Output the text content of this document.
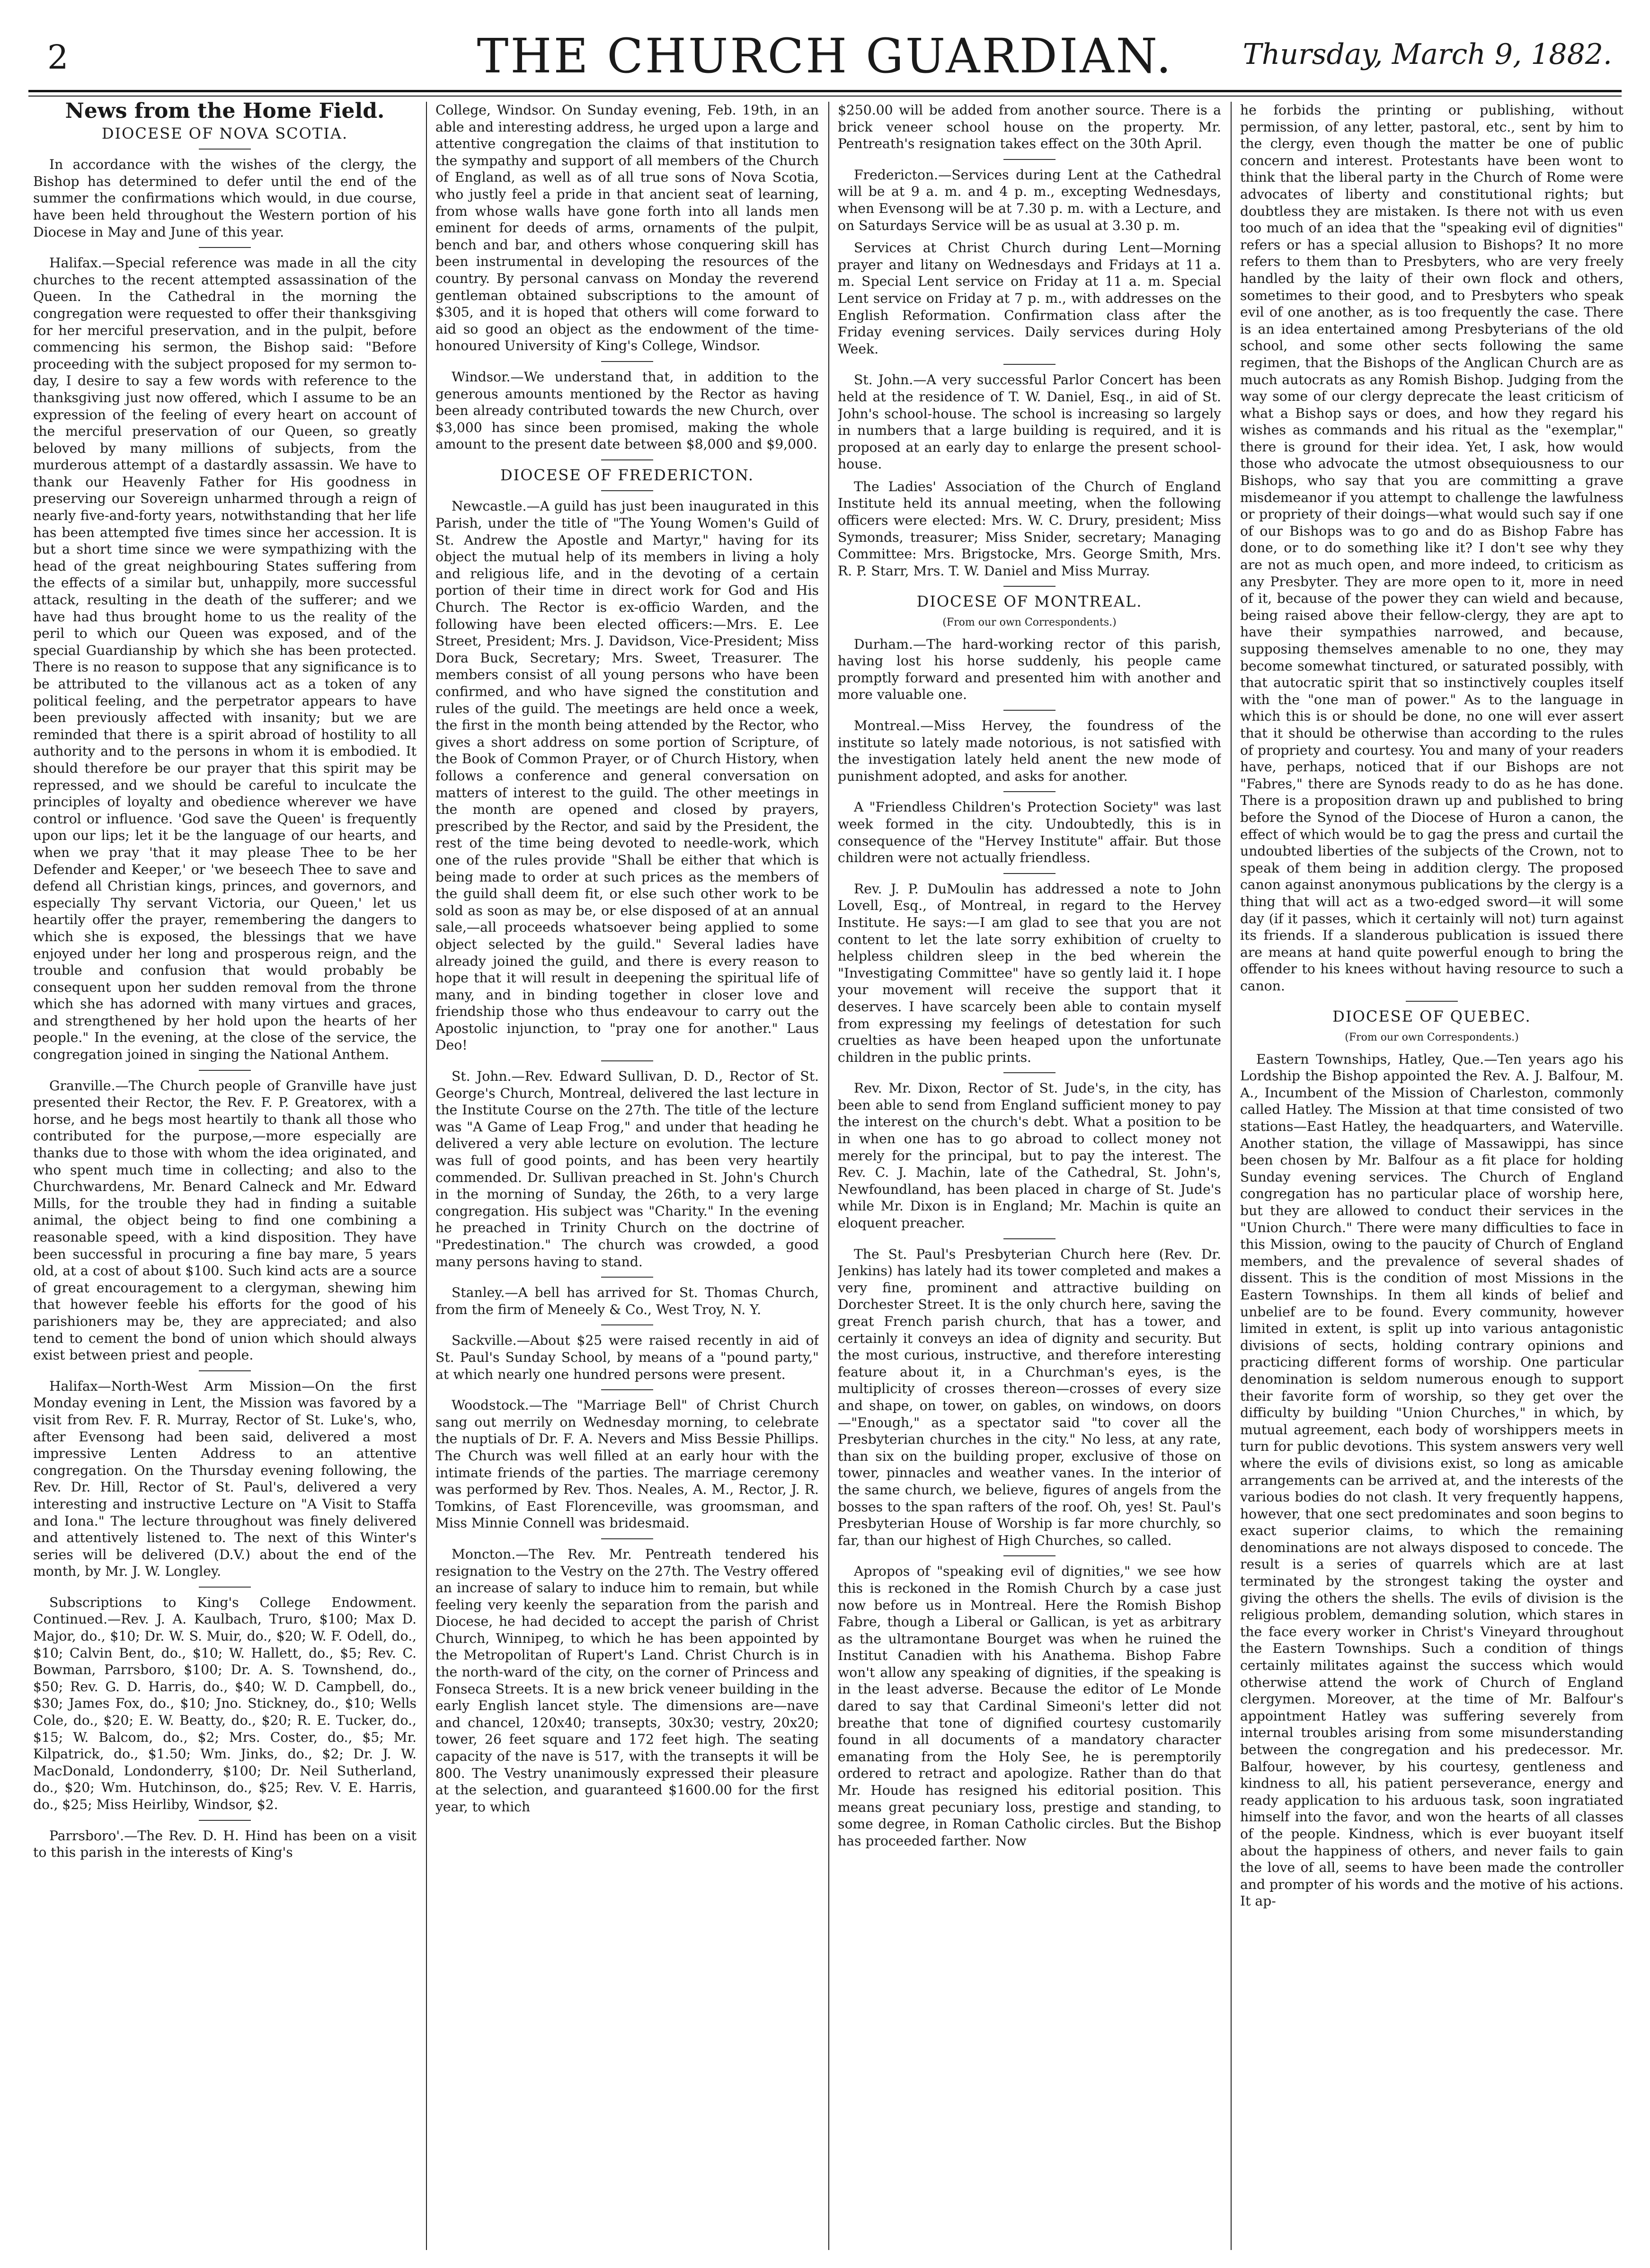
2	THE CHURCH GUARDIAN.	Thursday, March 9, 1882.
News from the Home Field.
DIOCESE OF NOVA SCOTIA.

In accordance with the wishes of the clergy, the Bishop has determined to defer until the end of the summer the confirmations which would, in due course, have been held throughout the Western portion of his Diocese in May and June of this year.

Halifax.—Special reference was made in all the city churches to the recent attempted assassination of the Queen. In the Cathedral in the morning the congregation were requested to offer their thanksgiving for her merciful preservation, and in the pulpit, before commencing his sermon, the Bishop said: "Before proceeding with the subject proposed for my sermon to-day, I desire to say a few words with reference to the thanksgiving just now offered, which I assume to be an expression of the feeling of every heart on account of the merciful preservation of our Queen, so greatly beloved by many millions of subjects, from the murderous attempt of a dastardly assassin. We have to thank our Heavenly Father for His goodness in preserving our Sovereign unharmed through a reign of nearly five-and-forty years, notwithstanding that her life has been attempted five times since her accession. It is but a short time since we were sympathizing with the head of the great neighbouring States suffering from the effects of a similar but, unhappily, more successful attack, resulting in the death of the sufferer; and we have had thus brought home to us the reality of the peril to which our Queen was exposed, and of the special Guardianship by which she has been protected. There is no reason to suppose that any significance is to be attributed to the villanous act as a token of any political feeling, and the perpetrator appears to have been previously affected with insanity; but we are reminded that there is a spirit abroad of hostility to all authority and to the persons in whom it is embodied. It should therefore be our prayer that this spirit may be repressed, and we should be careful to inculcate the principles of loyalty and obedience wherever we have control or influence. 'God save the Queen' is frequently upon our lips; let it be the language of our hearts, and when we pray 'that it may please Thee to be her Defender and Keeper,' or 'we beseech Thee to save and defend all Christian kings, princes, and governors, and especially Thy servant Victoria, our Queen,' let us heartily offer the prayer, remembering the dangers to which she is exposed, the blessings that we have enjoyed under her long and prosperous reign, and the trouble and confusion that would probably be consequent upon her sudden removal from the throne which she has adorned with many virtues and graces, and strengthened by her hold upon the hearts of her people." In the evening, at the close of the service, the congregation joined in singing the National Anthem.

Granville.—The Church people of Granville have just presented their Rector, the Rev. F. P. Greatorex, with a horse, and he begs most heartily to thank all those who contributed for the purpose,—more especially are thanks due to those with whom the idea originated, and who spent much time in collecting; and also to the Churchwardens, Mr. Benard Calneck and Mr. Edward Mills, for the trouble they had in finding a suitable animal, the object being to find one combining a reasonable speed, with a kind disposition. They have been successful in procuring a fine bay mare, 5 years old, at a cost of about $100. Such kind acts are a source of great encouragement to a clergyman, shewing him that however feeble his efforts for the good of his parishioners may be, they are appreciated; and also tend to cement the bond of union which should always exist between priest and people.

Halifax—North-West Arm Mission—On the first Monday evening in Lent, the Mission was favored by a visit from Rev. F. R. Murray, Rector of St. Luke's, who, after Evensong had been said, delivered a most impressive Lenten Address to an attentive congregation. On the Thursday evening following, the Rev. Dr. Hill, Rector of St. Paul's, delivered a very interesting and instructive Lecture on "A Visit to Staffa and Iona." The lecture throughout was finely delivered and attentively listened to. The next of this Winter's series will be delivered (D.V.) about the end of the month, by Mr. J. W. Longley.

Subscriptions to King's College Endowment. Continued.—Rev. J. A. Kaulbach, Truro, $100; Max D. Major, do., $10; Dr. W. S. Muir, do., $20; W. F. Odell, do., $10; Calvin Bent, do., $10; W. Hallett, do., $5; Rev. C. Bowman, Parrsboro, $100; Dr. A. S. Townshend, do., $50; Rev. G. D. Harris, do., $40; W. D. Campbell, do., $30; James Fox, do., $10; Jno. Stickney, do., $10; Wells Cole, do., $20; E. W. Beatty, do., $20; R. E. Tucker, do., $15; W. Balcom, do., $2; Mrs. Coster, do., $5; Mr. Kilpatrick, do., $1.50; Wm. Jinks, do., $2; Dr. J. W. MacDonald, Londonderry, $100; Dr. Neil Sutherland, do., $20; Wm. Hutchinson, do., $25; Rev. V. E. Harris, do., $25; Miss Heirliby, Windsor, $2.

Parrsboro'.—The Rev. D. H. Hind has been on a visit to this parish in the interests of King's

College, Windsor. On Sunday evening, Feb. 19th, in an able and interesting address, he urged upon a large and attentive congregation the claims of that institution to the sympathy and support of all members of the Church of England, as well as of all true sons of Nova Scotia, who justly feel a pride in that ancient seat of learning, from whose walls have gone forth into all lands men eminent for deeds of arms, ornaments of the pulpit, bench and bar, and others whose conquering skill has been instrumental in developing the resources of the country. By personal canvass on Monday the reverend gentleman obtained subscriptions to the amount of $305, and it is hoped that others will come forward to aid so good an object as the endowment of the time-honoured University of King's College, Windsor.

Windsor.—We understand that, in addition to the generous amounts mentioned by the Rector as having been already contributed towards the new Church, over $3,000 has since been promised, making the whole amount to the present date between $8,000 and $9,000.

DIOCESE OF FREDERICTON.

Newcastle.—A guild has just been inaugurated in this Parish, under the title of "The Young Women's Guild of St. Andrew the Apostle and Martyr," having for its object the mutual help of its members in living a holy and religious life, and in the devoting of a certain portion of their time in direct work for God and His Church. The Rector is ex-officio Warden, and the following have been elected officers:—Mrs. E. Lee Street, President; Mrs. J. Davidson, Vice-President; Miss Dora Buck, Secretary; Mrs. Sweet, Treasurer. The members consist of all young persons who have been confirmed, and who have signed the constitution and rules of the guild. The meetings are held once a week, the first in the month being attended by the Rector, who gives a short address on some portion of Scripture, of the Book of Common Prayer, or of Church History, when follows a conference and general conversation on matters of interest to the guild. The other meetings in the month are opened and closed by prayers, prescribed by the Rector, and said by the President, the rest of the time being devoted to needle-work, which one of the rules provide "Shall be either that which is being made to order at such prices as the members of the guild shall deem fit, or else such other work to be sold as soon as may be, or else disposed of at an annual sale,—all proceeds whatsoever being applied to some object selected by the guild." Several ladies have already joined the guild, and there is every reason to hope that it will result in deepening the spiritual life of many, and in binding together in closer love and friendship those who thus endeavour to carry out the Apostolic injunction, to "pray one for another." Laus Deo!

St. John.—Rev. Edward Sullivan, D. D., Rector of St. George's Church, Montreal, delivered the last lecture in the Institute Course on the 27th. The title of the lecture was "A Game of Leap Frog," and under that heading he delivered a very able lecture on evolution. The lecture was full of good points, and has been very heartily commended. Dr. Sullivan preached in St. John's Church in the morning of Sunday, the 26th, to a very large congregation. His subject was "Charity." In the evening he preached in Trinity Church on the doctrine of "Predestination." The church was crowded, a good many persons having to stand.

Stanley.—A bell has arrived for St. Thomas Church, from the firm of Meneely & Co., West Troy, N. Y.

Sackville.—About $25 were raised recently in aid of St. Paul's Sunday School, by means of a "pound party," at which nearly one hundred persons were present.

Woodstock.—The "Marriage Bell" of Christ Church sang out merrily on Wednesday morning, to celebrate the nuptials of Dr. F. A. Nevers and Miss Bessie Phillips. The Church was well filled at an early hour with the intimate friends of the parties. The marriage ceremony was performed by Rev. Thos. Neales, A. M., Rector, J. R. Tomkins, of East Florenceville, was groomsman, and Miss Minnie Connell was bridesmaid.

Moncton.—The Rev. Mr. Pentreath tendered his resignation to the Vestry on the 27th. The Vestry offered an increase of salary to induce him to remain, but while feeling very keenly the separation from the parish and Diocese, he had decided to accept the parish of Christ Church, Winnipeg, to which he has been appointed by the Metropolitan of Rupert's Land. Christ Church is in the north-ward of the city, on the corner of Princess and Fonseca Streets. It is a new brick veneer building in the early English lancet style. The dimensions are—nave and chancel, 120x40; transepts, 30x30; vestry, 20x20; tower, 26 feet square and 172 feet high. The seating capacity of the nave is 517, with the transepts it will be 800. The Vestry unanimously expressed their pleasure at the selection, and guaranteed $1600.00 for the first year, to which

$250.00 will be added from another source. There is a brick veneer school house on the property. Mr. Pentreath's resignation takes effect on the 30th April.

Fredericton.—Services during Lent at the Cathedral will be at 9 a. m. and 4 p. m., excepting Wednesdays, when Evensong will be at 7.30 p. m. with a Lecture, and on Saturdays Service will be as usual at 3.30 p. m.

Services at Christ Church during Lent—Morning prayer and litany on Wednesdays and Fridays at 11 a. m. Special Lent service on Friday at 11 a. m. Special Lent service on Friday at 7 p. m., with addresses on the English Reformation. Confirmation class after the Friday evening services. Daily services during Holy Week.

St. John.—A very successful Parlor Concert has been held at the residence of T. W. Daniel, Esq., in aid of St. John's school-house. The school is increasing so largely in numbers that a large building is required, and it is proposed at an early day to enlarge the present school-house.

The Ladies' Association of the Church of England Institute held its annual meeting, when the following officers were elected: Mrs. W. C. Drury, president; Miss Symonds, treasurer; Miss Snider, secretary; Managing Committee: Mrs. Brigstocke, Mrs. George Smith, Mrs. R. P. Starr, Mrs. T. W. Daniel and Miss Murray.

DIOCESE OF MONTREAL.
(From our own Correspondents.)

Durham.—The hard-working rector of this parish, having lost his horse suddenly, his people came promptly forward and presented him with another and more valuable one.

Montreal.—Miss Hervey, the foundress of the institute so lately made notorious, is not satisfied with the investigation lately held anent the new mode of punishment adopted, and asks for another.

A "Friendless Children's Protection Society" was last week formed in the city. Undoubtedly, this is in consequence of the "Hervey Institute" affair. But those children were not actually friendless.

Rev. J. P. DuMoulin has addressed a note to John Lovell, Esq., of Montreal, in regard to the Hervey Institute. He says:—I am glad to see that you are not content to let the late sorry exhibition of cruelty to helpless children sleep in the bed wherein the "Investigating Committee" have so gently laid it. I hope your movement will receive the support that it deserves. I have scarcely been able to contain myself from expressing my feelings of detestation for such cruelties as have been heaped upon the unfortunate children in the public prints.

Rev. Mr. Dixon, Rector of St. Jude's, in the city, has been able to send from England sufficient money to pay the interest on the church's debt. What a position to be in when one has to go abroad to collect money not merely for the principal, but to pay the interest. The Rev. C. J. Machin, late of the Cathedral, St. John's, Newfoundland, has been placed in charge of St. Jude's while Mr. Dixon is in England; Mr. Machin is quite an eloquent preacher.

The St. Paul's Presbyterian Church here (Rev. Dr. Jenkins) has lately had its tower completed and makes a very fine, prominent and attractive building on Dorchester Street. It is the only church here, saving the great French parish church, that has a tower, and certainly it conveys an idea of dignity and security. But the most curious, instructive, and therefore interesting feature about it, in a Churchman's eyes, is the multiplicity of crosses thereon—crosses of every size and shape, on tower, on gables, on windows, on doors—"Enough," as a spectator said "to cover all the Presbyterian churches in the city." No less, at any rate, than six on the building proper, exclusive of those on tower, pinnacles and weather vanes. In the interior of the same church, we believe, figures of angels from the bosses to the span rafters of the roof. Oh, yes! St. Paul's Presbyterian House of Worship is far more churchly, so far, than our highest of High Churches, so called.

Apropos of "speaking evil of dignities," we see how this is reckoned in the Romish Church by a case just now before us in Montreal. Here the Romish Bishop Fabre, though a Liberal or Gallican, is yet as arbitrary as the ultramontane Bourget was when he ruined the Institut Canadien with his Anathema. Bishop Fabre won't allow any speaking of dignities, if the speaking is in the least adverse. Because the editor of Le Monde dared to say that Cardinal Simeoni's letter did not breathe that tone of dignified courtesy customarily found in all documents of a mandatory character emanating from the Holy See, he is peremptorily ordered to retract and apologize. Rather than do that Mr. Houde has resigned his editorial position. This means great pecuniary loss, prestige and standing, to some degree, in Roman Catholic circles. But the Bishop has proceeded farther. Now

he forbids the printing or publishing, without permission, of any letter, pastoral, etc., sent by him to the clergy, even though the matter be one of public concern and interest. Protestants have been wont to think that the liberal party in the Church of Rome were advocates of liberty and constitutional rights; but doubtless they are mistaken. Is there not with us even too much of an idea that the "speaking evil of dignities" refers or has a special allusion to Bishops? It no more refers to them than to Presbyters, who are very freely handled by the laity of their own flock and others, sometimes to their good, and to Presbyters who speak evil of one another, as is too frequently the case. There is an idea entertained among Presbyterians of the old school, and some other sects following the same regimen, that the Bishops of the Anglican Church are as much autocrats as any Romish Bishop. Judging from the way some of our clergy deprecate the least criticism of what a Bishop says or does, and how they regard his wishes as commands and his ritual as the "exemplar," there is ground for their idea. Yet, I ask, how would those who advocate the utmost obsequiousness to our Bishops, who say that you are committing a grave misdemeanor if you attempt to challenge the lawfulness or propriety of their doings—what would such say if one of our Bishops was to go and do as Bishop Fabre has done, or to do something like it? I don't see why they are not as much open, and more indeed, to criticism as any Presbyter. They are more open to it, more in need of it, because of the power they can wield and because, being raised above their fellow-clergy, they are apt to have their sympathies narrowed, and because, supposing themselves amenable to no one, they may become somewhat tinctured, or saturated possibly, with that autocratic spirit that so instinctively couples itself with the "one man of power." As to the language in which this is or should be done, no one will ever assert that it should be otherwise than according to the rules of propriety and courtesy. You and many of your readers have, perhaps, noticed that if our Bishops are not "Fabres," there are Synods ready to do as he has done. There is a proposition drawn up and published to bring before the Synod of the Diocese of Huron a canon, the effect of which would be to gag the press and curtail the undoubted liberties of the subjects of the Crown, not to speak of them being in addition clergy. The proposed canon against anonymous publications by the clergy is a thing that will act as a two-edged sword—it will some day (if it passes, which it certainly will not) turn against its friends. If a slanderous publication is issued there are means at hand quite powerful enough to bring the offender to his knees without having resource to such a canon.

DIOCESE OF QUEBEC.
(From our own Correspondents.)

Eastern Townships, Hatley, Que.—Ten years ago his Lordship the Bishop appointed the Rev. A. J. Balfour, M. A., Incumbent of the Mission of Charleston, commonly called Hatley. The Mission at that time consisted of two stations—East Hatley, the headquarters, and Waterville. Another station, the village of Massawippi, has since been chosen by Mr. Balfour as a fit place for holding Sunday evening services. The Church of England congregation has no particular place of worship here, but they are allowed to conduct their services in the "Union Church." There were many difficulties to face in this Mission, owing to the paucity of Church of England members, and the prevalence of several shades of dissent. This is the condition of most Missions in the Eastern Townships. In them all kinds of belief and unbelief are to be found. Every community, however limited in extent, is split up into various antagonistic divisions of sects, holding contrary opinions and practicing different forms of worship. One particular denomination is seldom numerous enough to support their favorite form of worship, so they get over the difficulty by building "Union Churches," in which, by mutual agreement, each body of worshippers meets in turn for public devotions. This system answers very well where the evils of divisions exist, so long as amicable arrangements can be arrived at, and the interests of the various bodies do not clash. It very frequently happens, however, that one sect predominates and soon begins to exact superior claims, to which the remaining denominations are not always disposed to concede. The result is a series of quarrels which are at last terminated by the strongest taking the oyster and giving the others the shells. The evils of division is the religious problem, demanding solution, which stares in the face every worker in Christ's Vineyard throughout the Eastern Townships. Such a condition of things certainly militates against the success which would otherwise attend the work of Church of England clergymen. Moreover, at the time of Mr. Balfour's appointment Hatley was suffering severely from internal troubles arising from some misunderstanding between the congregation and his predecessor. Mr. Balfour, however, by his courtesy, gentleness and kindness to all, his patient perseverance, energy and ready application to his arduous task, soon ingratiated himself into the favor, and won the hearts of all classes of the people. Kindness, which is ever buoyant itself about the happiness of others, and never fails to gain the love of all, seems to have been made the controller and prompter of his words and the motive of his actions. It ap-
